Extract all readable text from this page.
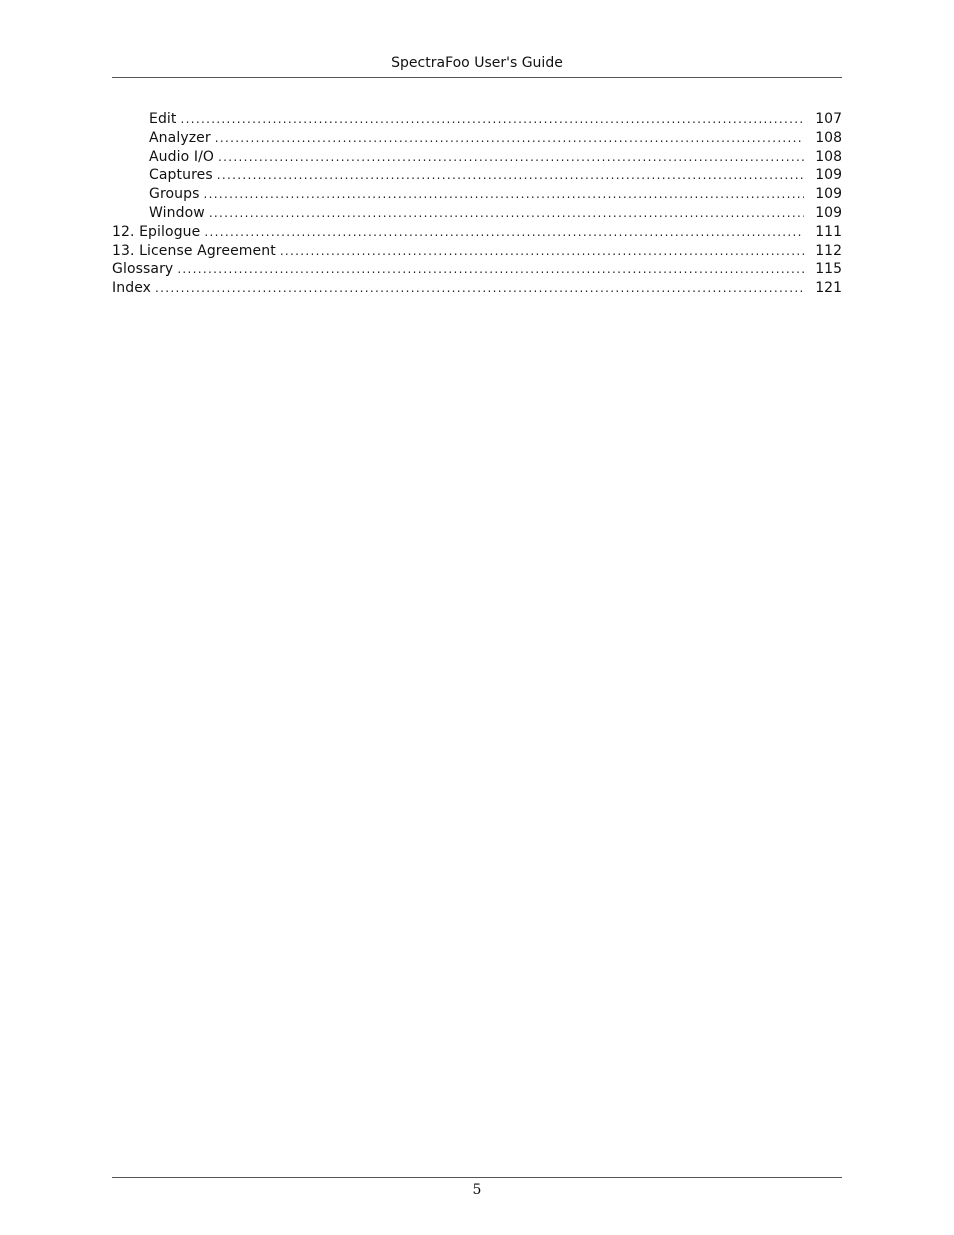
SpectraFoo User's Guide
Edit .....	107
Analyzer .....	108
Audio I/O .....	108
Captures .....	109
Groups .....	109
Window .....	109
12. Epilogue .....	111
13. License Agreement .....	112
Glossary .....	115
Index .....	121
5
